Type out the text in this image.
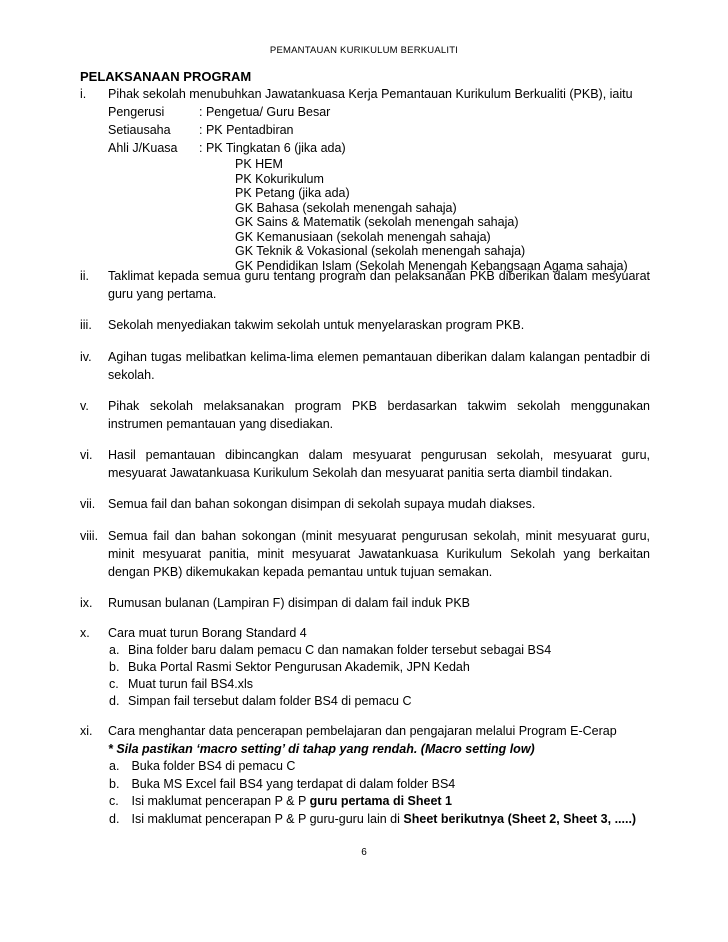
PEMANTAUAN KURIKULUM BERKUALITI
PELAKSANAAN PROGRAM
i. Pihak sekolah menubuhkan Jawatankuasa Kerja Pemantauan Kurikulum Berkualiti (PKB), iaitu
Pengerusi	: Pengetua/ Guru Besar
Setiausaha : PK Pentadbiran
Ahli J/Kuasa : PK Tingkatan 6 (jika ada)
PK HEM
PK Kokurikulum
PK Petang (jika ada)
GK Bahasa (sekolah menengah sahaja)
GK Sains & Matematik (sekolah menengah sahaja)
GK Kemanusiaan (sekolah menengah sahaja)
GK Teknik & Vokasional (sekolah menengah sahaja)
GK Pendidikan Islam (Sekolah Menengah Kebangsaan Agama sahaja)
ii. Taklimat kepada semua guru tentang program dan pelaksanaan PKB diberikan dalam mesyuarat guru yang pertama.
iii. Sekolah menyediakan takwim sekolah untuk menyelaraskan program PKB.
iv. Agihan tugas melibatkan kelima-lima elemen pemantauan diberikan dalam kalangan pentadbir di sekolah.
v. Pihak sekolah melaksanakan program PKB berdasarkan takwim sekolah menggunakan instrumen pemantauan yang disediakan.
vi. Hasil pemantauan dibincangkan dalam mesyuarat pengurusan sekolah, mesyuarat guru, mesyuarat Jawatankuasa Kurikulum Sekolah dan mesyuarat panitia serta diambil tindakan.
vii. Semua fail dan bahan sokongan disimpan di sekolah supaya mudah diakses.
viii. Semua fail dan bahan sokongan (minit mesyuarat pengurusan sekolah, minit mesyuarat guru, minit mesyuarat panitia, minit mesyuarat Jawatankuasa Kurikulum Sekolah yang berkaitan dengan PKB) dikemukakan kepada pemantau untuk tujuan semakan.
ix. Rumusan bulanan (Lampiran F) disimpan di dalam fail induk PKB
x. Cara muat turun Borang Standard 4
a. Bina folder baru dalam pemacu C dan namakan folder tersebut sebagai BS4
b. Buka Portal Rasmi Sektor Pengurusan Akademik, JPN Kedah
c. Muat turun fail BS4.xls
d. Simpan fail tersebut dalam folder BS4 di pemacu C
xi. Cara menghantar data pencerapan pembelajaran dan pengajaran melalui Program E-Cerap
* Sila pastikan ‘macro setting’ di tahap yang rendah. (Macro setting low)
a. Buka folder BS4 di pemacu C
b. Buka MS Excel fail BS4 yang terdapat di dalam folder BS4
c. Isi maklumat pencerapan P & P guru pertama di Sheet 1
d. Isi maklumat pencerapan P & P guru-guru lain di Sheet berikutnya (Sheet 2, Sheet 3, .....)
6
